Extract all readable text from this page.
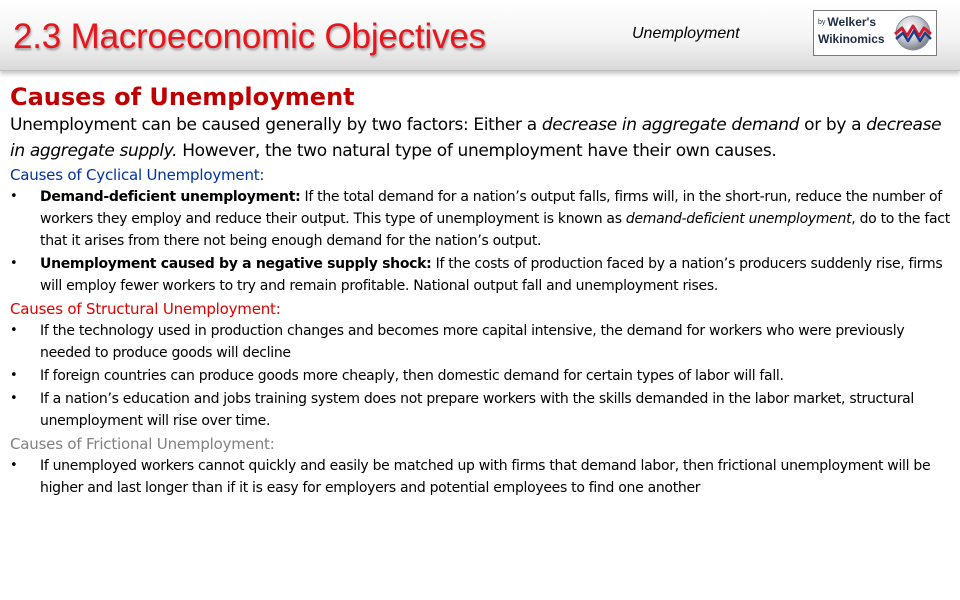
2.3 Macroeconomic Objectives	Unemployment
by Welker's
Wikinomics
Causes of Unemployment

Unemployment can be caused generally by two factors: Either a decrease in aggregate demand or by a decrease in aggregate supply. However, the two natural type of unemployment have their own causes.

Causes of Cyclical Unemployment:
• Demand-deficient unemployment: If the total demand for a nation’s output falls, firms will, in the short-run, reduce the number of workers they employ and reduce their output. This type of unemployment is known as demand-deficient unemployment, do to the fact that it arises from there not being enough demand for the nation’s output.
• Unemployment caused by a negative supply shock: If the costs of production faced by a nation’s producers suddenly rise, firms will employ fewer workers to try and remain profitable. National output fall and unemployment rises.
Causes of Structural Unemployment:
• If the technology used in production changes and becomes more capital intensive, the demand for workers who were previously needed to produce goods will decline
• If foreign countries can produce goods more cheaply, then domestic demand for certain types of labor will fall.
• If a nation’s education and jobs training system does not prepare workers with the skills demanded in the labor market, structural unemployment will rise over time.
Causes of Frictional Unemployment:
• If unemployed workers cannot quickly and easily be matched up with firms that demand labor, then frictional unemployment will be higher and last longer than if it is easy for employers and potential employees to find one another
